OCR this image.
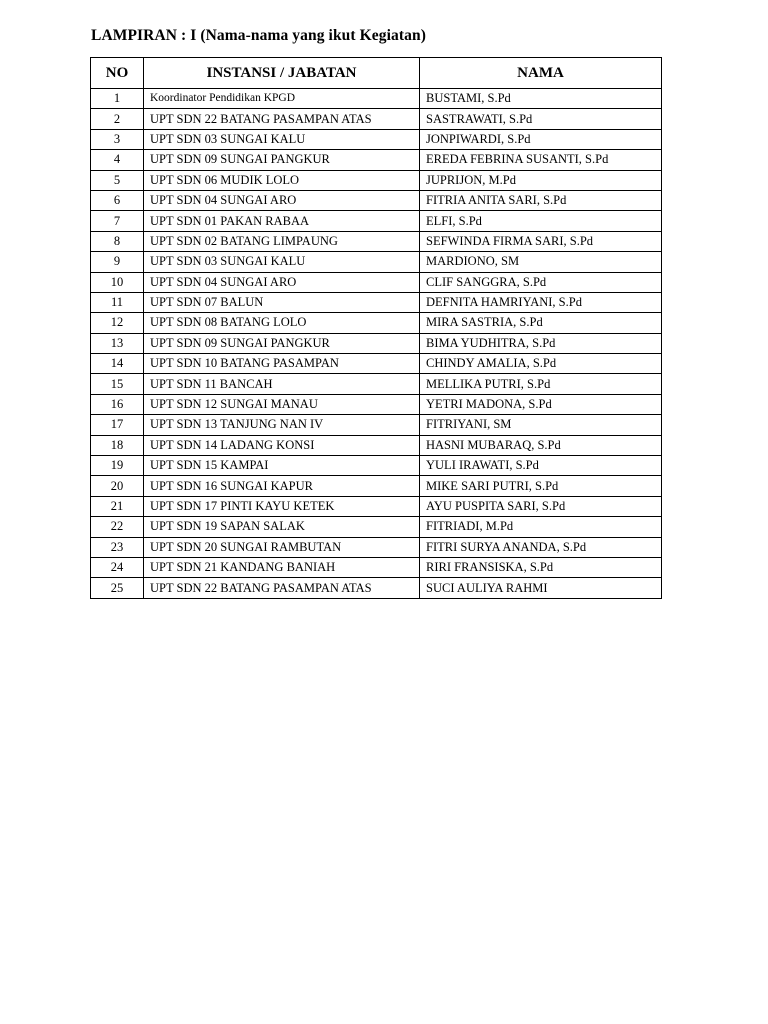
LAMPIRAN : I (Nama-nama yang ikut Kegiatan)
NO	INSTANSI / JABATAN	NAMA
1	Koordinator Pendidikan KPGD	BUSTAMI, S.Pd
2	UPT SDN 22 BATANG PASAMPAN ATAS	SASTRAWATI, S.Pd
3	UPT SDN 03 SUNGAI KALU	JONPIWARDI, S.Pd
4	UPT SDN 09 SUNGAI PANGKUR	EREDA FEBRINA SUSANTI, S.Pd
5	UPT SDN 06 MUDIK LOLO	JUPRIJON, M.Pd
6	UPT SDN 04 SUNGAI ARO	FITRIA ANITA SARI, S.Pd
7	UPT SDN 01 PAKAN RABAA	ELFI, S.Pd
8	UPT SDN 02 BATANG LIMPAUNG	SEFWINDA FIRMA SARI, S.Pd
9	UPT SDN 03 SUNGAI KALU	MARDIONO, SM
10	UPT SDN 04 SUNGAI ARO	CLIF SANGGRA, S.Pd
11	UPT SDN 07 BALUN	DEFNITA HAMRIYANI, S.Pd
12	UPT SDN 08 BATANG LOLO	MIRA SASTRIA, S.Pd
13	UPT SDN 09 SUNGAI PANGKUR	BIMA YUDHITRA, S.Pd
14	UPT SDN 10 BATANG PASAMPAN	CHINDY AMALIA, S.Pd
15	UPT SDN 11 BANCAH	MELLIKA PUTRI, S.Pd
16	UPT SDN 12 SUNGAI MANAU	YETRI MADONA, S.Pd
17	UPT SDN 13 TANJUNG NAN IV	FITRIYANI, SM
18	UPT SDN 14 LADANG KONSI	HASNI MUBARAQ, S.Pd
19	UPT SDN 15 KAMPAI	YULI IRAWATI, S.Pd
20	UPT SDN 16 SUNGAI KAPUR	MIKE SARI PUTRI, S.Pd
21	UPT SDN 17 PINTI KAYU KETEK	AYU PUSPITA SARI, S.Pd
22	UPT SDN 19 SAPAN SALAK	FITRIADI, M.Pd
23	UPT SDN 20 SUNGAI RAMBUTAN	FITRI SURYA ANANDA, S.Pd
24	UPT SDN 21 KANDANG BANIAH	RIRI FRANSISKA, S.Pd
25	UPT SDN 22 BATANG PASAMPAN ATAS	SUCI AULIYA RAHMI
